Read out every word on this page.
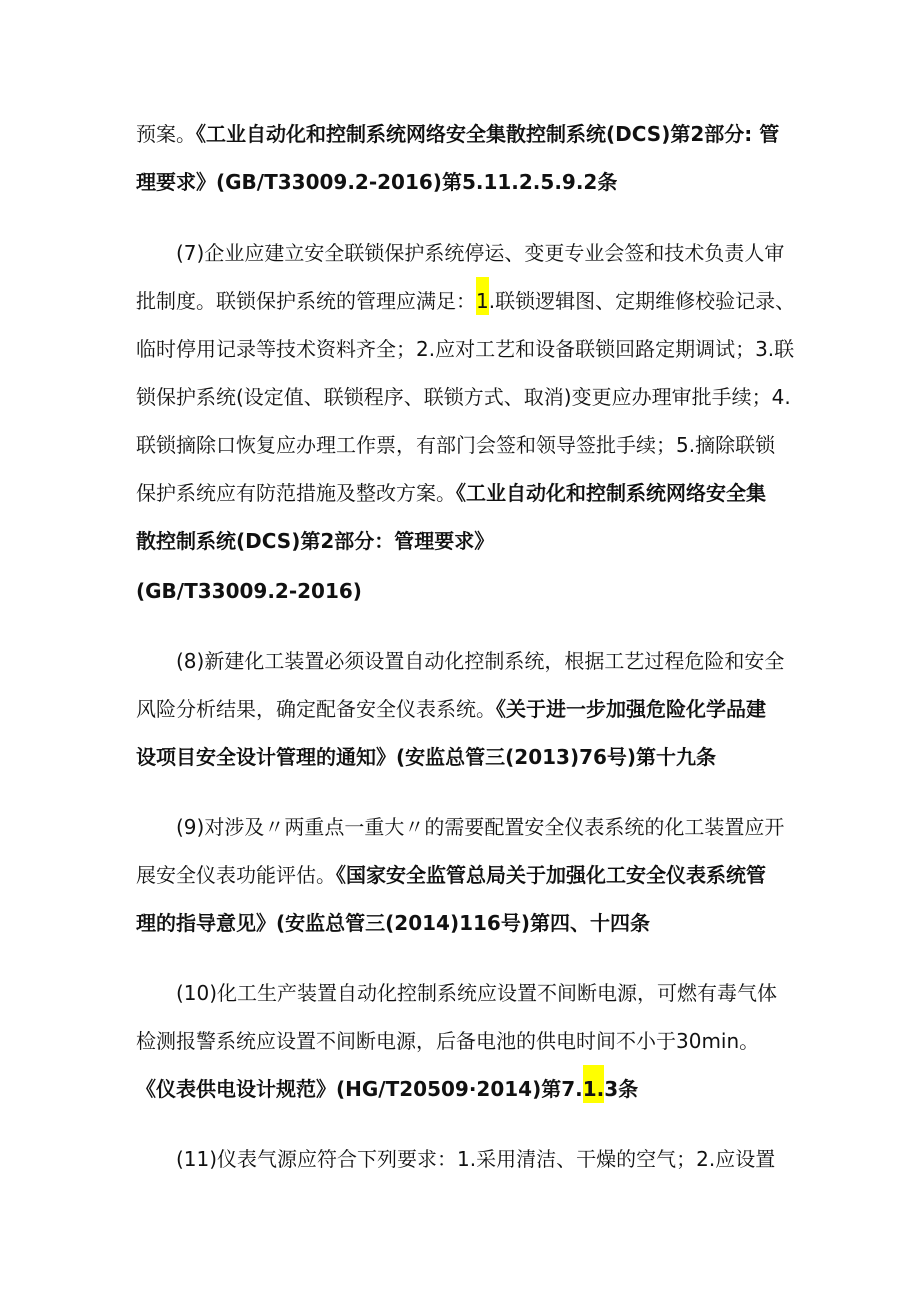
预案。《工业自动化和控制系统网络安全集散控制系统(DCS)第2部分: 管
理要求》(GB/T33009.2-2016)第5.11.2.5.9.2条
(7)企业应建立安全联锁保护系统停运、变更专业会签和技术负责人审
批制度。联锁保护系统的管理应满足：1.联锁逻辑图、定期维修校验记录、
临时停用记录等技术资料齐全；2.应对工艺和设备联锁回路定期调试；3.联
锁保护系统(设定值、联锁程序、联锁方式、取消)变更应办理审批手续；4.
联锁摘除口恢复应办理工作票，有部门会签和领导签批手续；5.摘除联锁
保护系统应有防范措施及整改方案。《工业自动化和控制系统网络安全集
散控制系统(DCS)第2部分：管理要求》
(GB/T33009.2-2016)
(8)新建化工装置必须设置自动化控制系统，根据工艺过程危险和安全
风险分析结果，确定配备安全仪表系统。《关于进一步加强危险化学品建
设项目安全设计管理的通知》(安监总管三(2013)76号)第十九条
(9)对涉及〃两重点一重大〃的需要配置安全仪表系统的化工装置应开
展安全仪表功能评估。《国家安全监管总局关于加强化工安全仪表系统管
理的指导意见》(安监总管三(2014)116号)第四、十四条
(10)化工生产装置自动化控制系统应设置不间断电源，可燃有毒气体
检测报警系统应设置不间断电源，后备电池的供电时间不小于30min。
《仪表供电设计规范》(HG/T20509·2014)第7.1.3条
(11)仪表气源应符合下列要求：1.采用清洁、干燥的空气；2.应设置
